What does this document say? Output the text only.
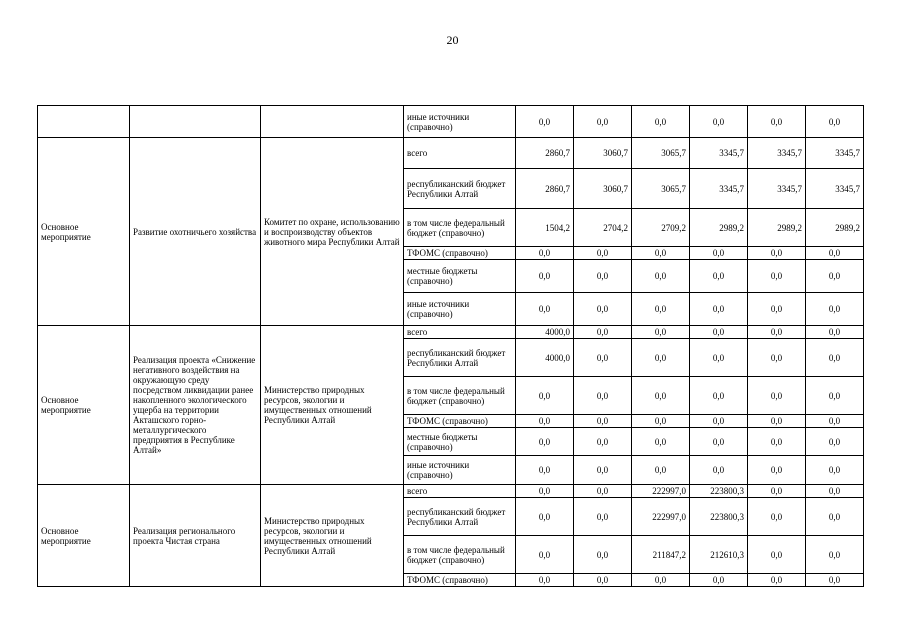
20
			иные источники (справочно)	0,0	0,0	0,0	0,0	0,0	0,0
Основное мероприятие	Развитие охотничьего хозяйства	Комитет по охране, использованию и воспроизводству объектов животного мира Республики Алтай	всего	2860,7	3060,7	3065,7	3345,7	3345,7	3345,7
			республиканский бюджет Республики Алтай	2860,7	3060,7	3065,7	3345,7	3345,7	3345,7
			в том числе федеральный бюджет (справочно)	1504,2	2704,2	2709,2	2989,2	2989,2	2989,2
			ТФОМС (справочно)	0,0	0,0	0,0	0,0	0,0	0,0
			местные бюджеты (справочно)	0,0	0,0	0,0	0,0	0,0	0,0
			иные источники (справочно)	0,0	0,0	0,0	0,0	0,0	0,0
Основное мероприятие	Реализация проекта «Снижение негативного воздействия на окружающую среду посредством ликвидации ранее накопленного экологического ущерба на территории Акташского горно-металлургического предприятия в Республике Алтай»	Министерство природных ресурсов, экологии и имущественных отношений Республики Алтай	всего	4000,0	0,0	0,0	0,0	0,0	0,0
			республиканский бюджет Республики Алтай	4000,0	0,0	0,0	0,0	0,0	0,0
			в том числе федеральный бюджет (справочно)	0,0	0,0	0,0	0,0	0,0	0,0
			ТФОМС (справочно)	0,0	0,0	0,0	0,0	0,0	0,0
			местные бюджеты (справочно)	0,0	0,0	0,0	0,0	0,0	0,0
			иные источники (справочно)	0,0	0,0	0,0	0,0	0,0	0,0
Основное мероприятие	Реализация регионального проекта Чистая страна	Министерство природных ресурсов, экологии и имущественных отношений Республики Алтай	всего	0,0	0,0	222997,0	223800,3	0,0	0,0
			республиканский бюджет Республики Алтай	0,0	0,0	222997,0	223800,3	0,0	0,0
			в том числе федеральный бюджет (справочно)	0,0	0,0	211847,2	212610,3	0,0	0,0
			ТФОМС (справочно)	0,0	0,0	0,0	0,0	0,0	0,0
